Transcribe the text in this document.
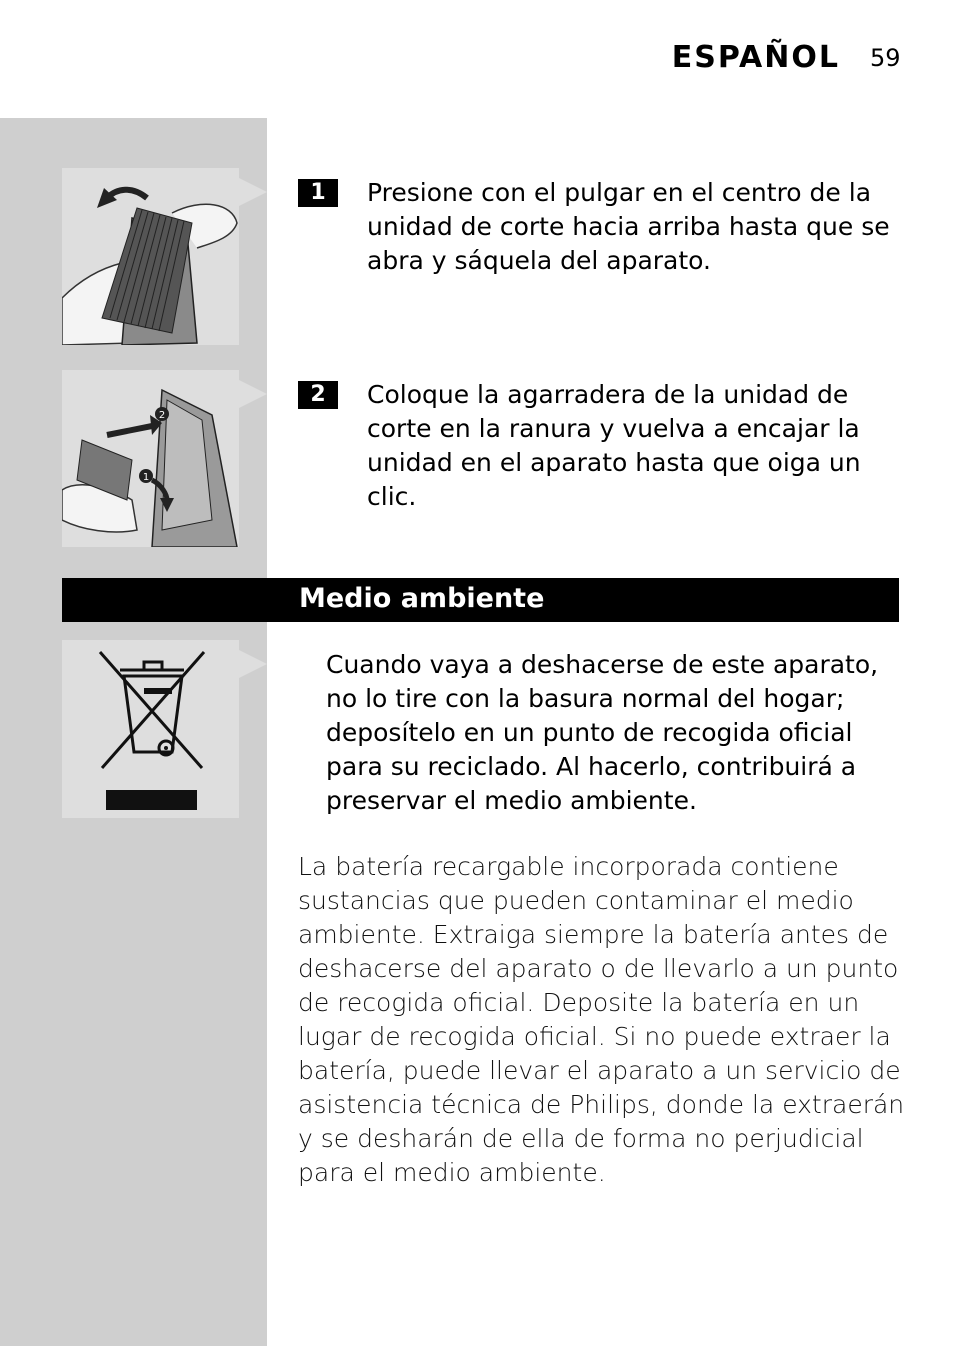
ESPAÑOL 59
1	Presione con el pulgar en el centro de la unidad de corte hacia arriba hasta que se abra y sáquela del aparato.
2
1
2	Coloque la agarradera de la unidad de corte en la ranura y vuelva a encajar la unidad en el aparato hasta que oiga un clic.
Medio ambiente
Cuando vaya a deshacerse de este aparato, no lo tire con la basura normal del hogar; deposítelo en un punto de recogida oficial para su reciclado. Al hacerlo, contribuirá a preservar el medio ambiente.
La batería recargable incorporada contiene sustancias que pueden contaminar el medio ambiente. Extraiga siempre la batería antes de deshacerse del aparato o de llevarlo a un punto de recogida oficial. Deposite la batería en un lugar de recogida oficial. Si no puede extraer la batería, puede llevar el aparato a un servicio de asistencia técnica de Philips, donde la extraerán y se desharán de ella de forma no perjudicial para el medio ambiente.
